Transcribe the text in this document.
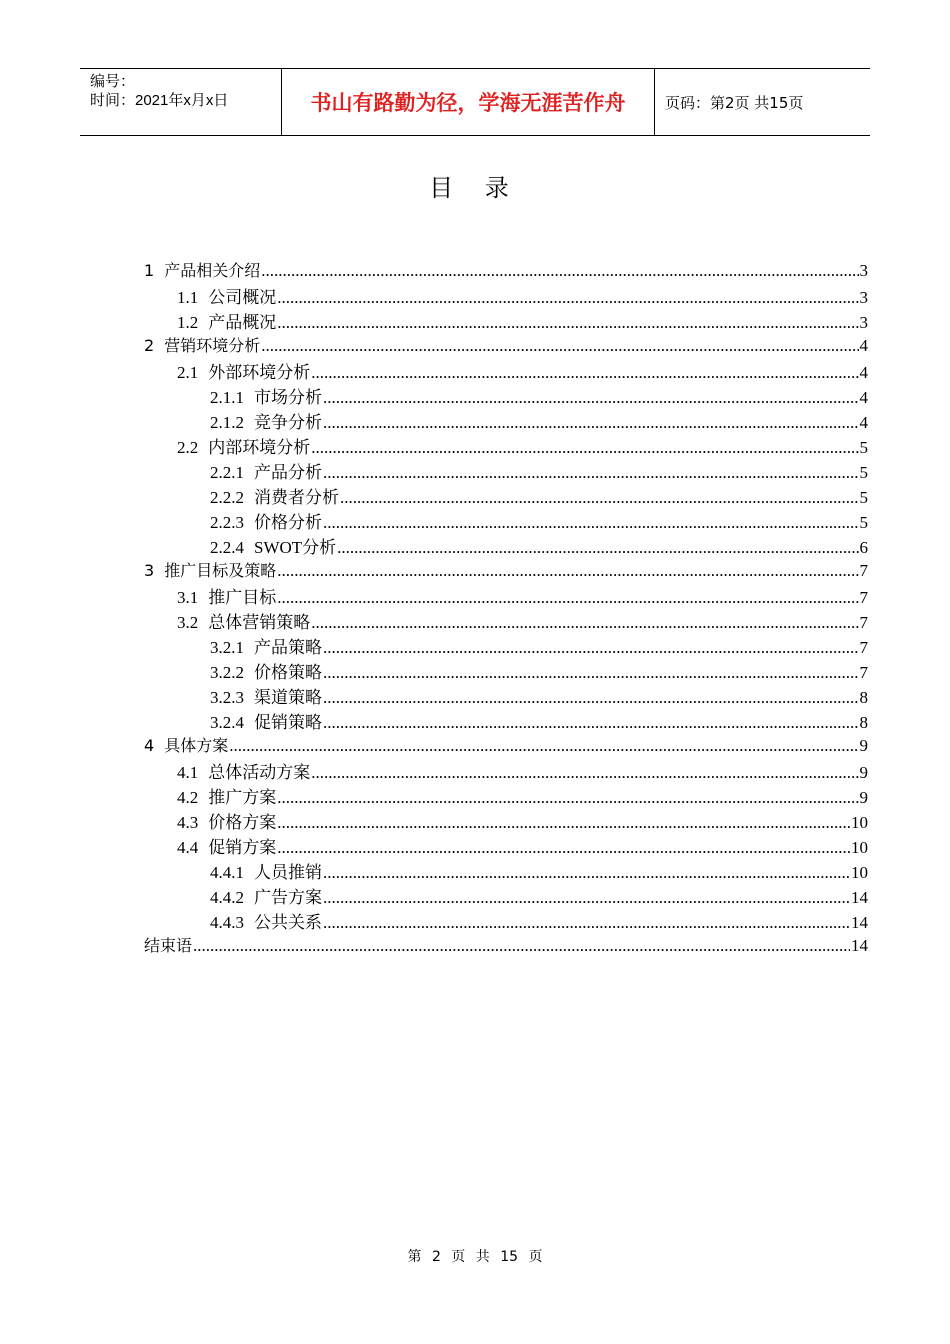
编号：
时间：2021年x月x日	书山有路勤为径，学海无涯苦作舟	页码：第2页 共15页
目 录
1 产品相关介绍 .....	3
1.1 公司概况 .....	3
1.2 产品概况 .....	3
2 营销环境分析 .....	4
2.1 外部环境分析 .....	4
2.1.1 市场分析 .....	4
2.1.2 竞争分析 .....	4
2.2 内部环境分析 .....	5
2.2.1 产品分析 .....	5
2.2.2 消费者分析 .....	5
2.2.3 价格分析 .....	5
2.2.4 SWOT分析 .....	6
3 推广目标及策略 .....	7
3.1 推广目标 .....	7
3.2 总体营销策略 .....	7
3.2.1 产品策略 .....	7
3.2.2 价格策略 .....	7
3.2.3 渠道策略 .....	8
3.2.4 促销策略 .....	8
4 具体方案 .....	9
4.1 总体活动方案 .....	9
4.2 推广方案 .....	9
4.3 价格方案 .....	10
4.4 促销方案 .....	10
4.4.1 人员推销 .....	10
4.4.2 广告方案 .....	14
4.4.3 公共关系 .....	14
结束语 .....	14
第 2 页 共 15 页
